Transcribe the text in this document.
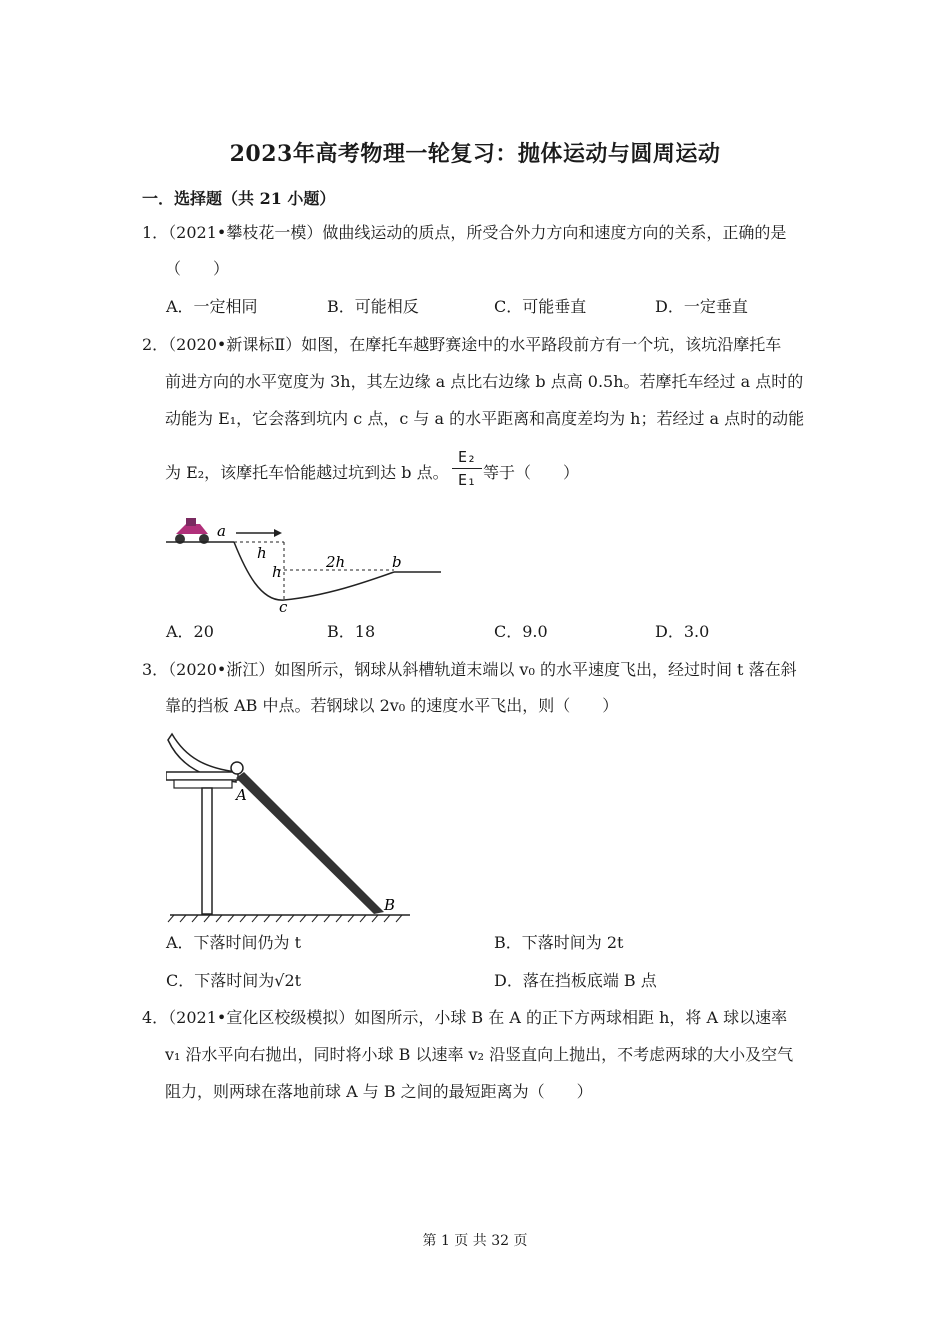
2023年高考物理一轮复习：抛体运动与圆周运动
一．选择题（共 21 小题）
1．（2021•攀枝花一模）做曲线运动的质点，所受合外力方向和速度方向的关系，正确的是
（　　）
A．一定相同	B．可能相反	C．可能垂直	D．一定垂直
2．（2020•新课标Ⅱ）如图，在摩托车越野赛途中的水平路段前方有一个坑，该坑沿摩托车
前进方向的水平宽度为 3h，其左边缘 a 点比右边缘 b 点高 0.5h。若摩托车经过 a 点时的
动能为 E₁，它会落到坑内 c 点，c 与 a 的水平距离和高度差均为 h；若经过 a 点时的动能
为 E₂，该摩托车恰能越过坑到达 b 点。
E₂
E₁ 等于（　　）
a
h
h
2h	b
c
A．20	B．18	C．9.0	D．3.0
3．（2020•浙江）如图所示，钢球从斜槽轨道末端以 v₀ 的水平速度飞出，经过时间 t 落在斜
靠的挡板 AB 中点。若钢球以 2v₀ 的速度水平飞出，则（　　）
A
B
A．下落时间仍为 t	B．下落时间为 2t
C．下落时间为√2t	D．落在挡板底端 B 点
4．（2021•宣化区校级模拟）如图所示，小球 B 在 A 的正下方两球相距 h，将 A 球以速率
v₁ 沿水平向右抛出，同时将小球 B 以速率 v₂ 沿竖直向上抛出，不考虑两球的大小及空气
阻力，则两球在落地前球 A 与 B 之间的最短距离为（　　）
第 1 页 共 32 页
